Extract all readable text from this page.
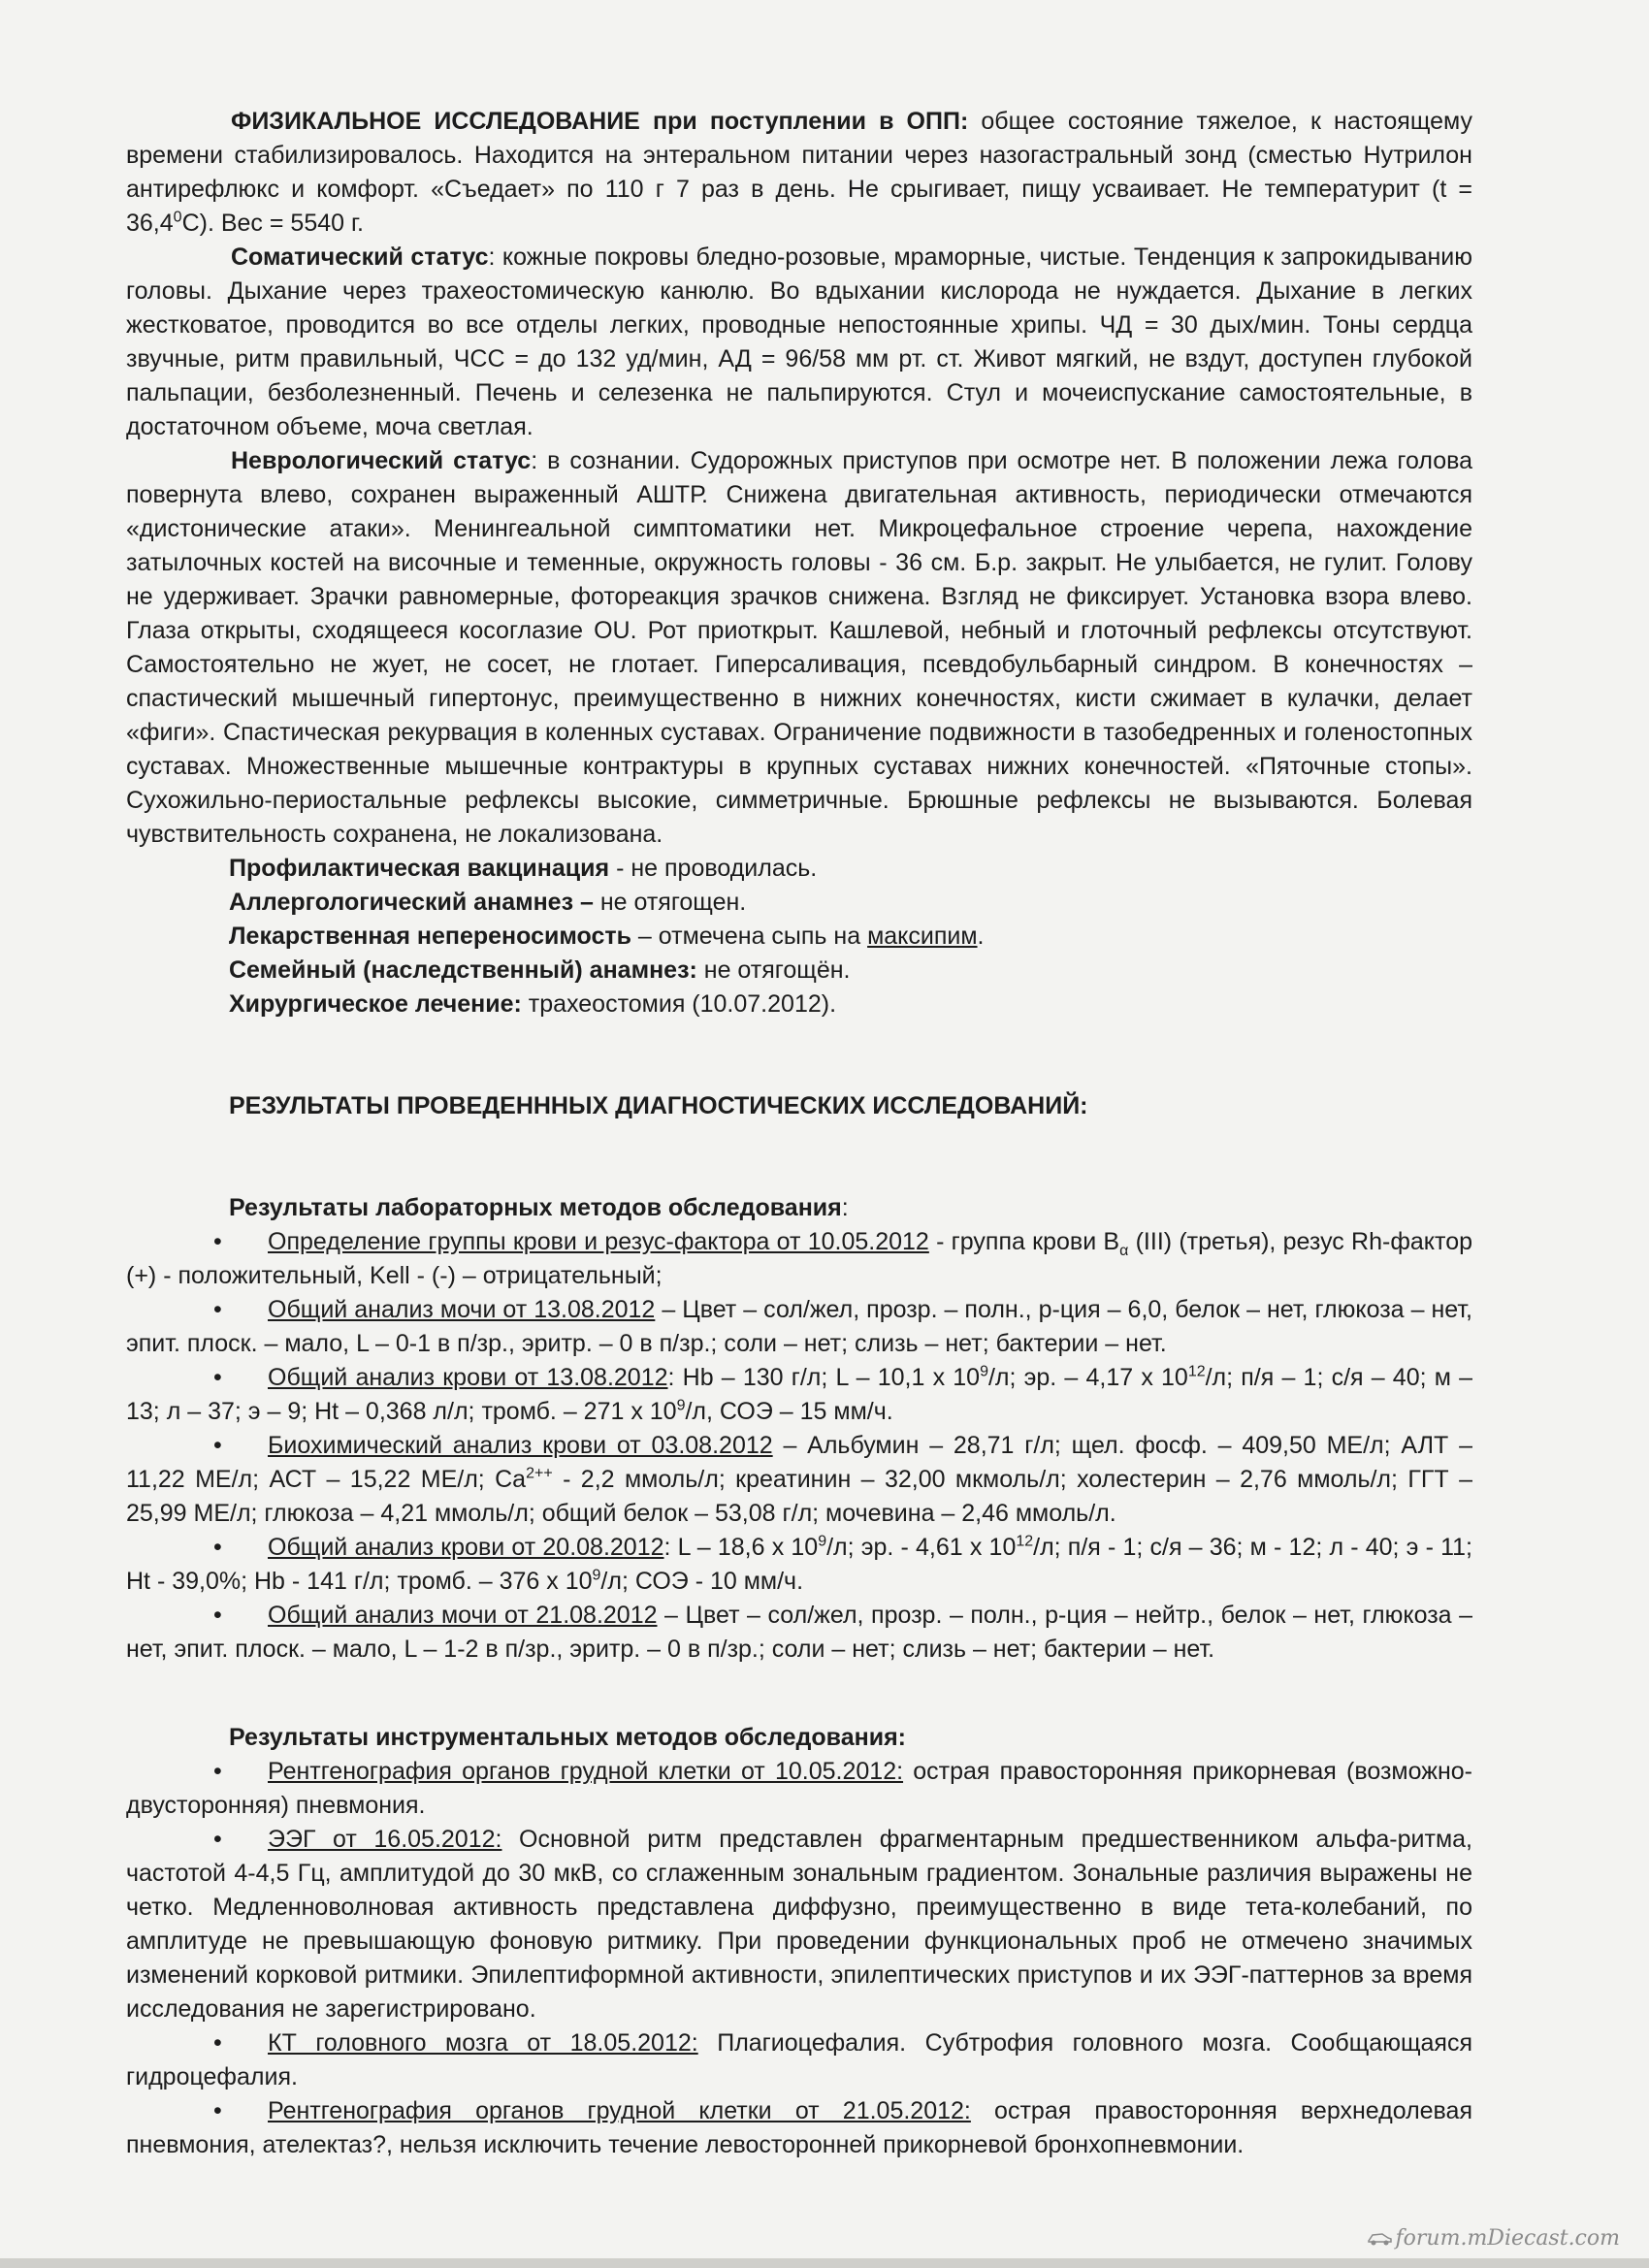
ФИЗИКАЛЬНОЕ ИССЛЕДОВАНИЕ при поступлении в ОПП: общее состояние тяжелое, к настоящему времени стабилизировалось. Находится на энтеральном питании через назогастральный зонд (сместью Нутрилон антирефлюкс и комфорт. «Съедает» по 110 г 7 раз в день. Не срыгивает, пищу усваивает. Не температурит $(t = 36,4^0С)$. Вес = 5540 г.

Соматический статус: кожные покровы бледно-розовые, мраморные, чистые. Тенденция к запрокидыванию головы. Дыхание через трахеостомическую канюлю. Во вдыхании кислорода не нуждается. Дыхание в легких жестковатое, проводится во все отделы легких, проводные непостоянные хрипы. ЧД = 30 дых/мин. Тоны сердца звучные, ритм правильный, ЧСС = до 132 уд/мин, АД = 96/58 мм рт. ст. Живот мягкий, не вздут, доступен глубокой пальпации, безболезненный. Печень и селезенка не пальпируются. Стул и мочеиспускание самостоятельные, в достаточном объеме, моча светлая.

Неврологический статус: в сознании. Судорожных приступов при осмотре нет. В положении лежа голова повернута влево, сохранен выраженный АШТР. Снижена двигательная активность, периодически отмечаются «дистонические атаки». Менингеальной симптоматики нет. Микроцефальное строение черепа, нахождение затылочных костей на височные и теменные, окружность головы - 36 см. Б.р. закрыт. Не улыбается, не гулит. Голову не удерживает. Зрачки равномерные, фотореакция зрачков снижена. Взгляд не фиксирует. Установка взора влево. Глаза открыты, сходящееся косоглазие OU. Рот приоткрыт. Кашлевой, небный и глоточный рефлексы отсутствуют. Самостоятельно не жует, не сосет, не глотает. Гиперсаливация, псевдобульбарный синдром. В конечностях – спастический мышечный гипертонус, преимущественно в нижних конечностях, кисти сжимает в кулачки, делает «фиги». Спастическая рекурвация в коленных суставах. Ограничение подвижности в тазобедренных и голеностопных суставах. Множественные мышечные контрактуры в крупных суставах нижних конечностей. «Пяточные стопы». Сухожильно-периостальные рефлексы высокие, симметричные. Брюшные рефлексы не вызываются. Болевая чувствительность сохранена, не локализована.

Профилактическая вакцинация - не проводилась.
Аллергологический анамнез – не отягощен.
Лекарственная непереносимость – отмечена сыпь на максипим.
Семейный (наследственный) анамнез: не отягощён.
Хирургическое лечение: трахеостомия (10.07.2012).
РЕЗУЛЬТАТЫ ПРОВЕДЕНННЫХ ДИАГНОСТИЧЕСКИХ ИССЛЕДОВАНИЙ:
Результаты лабораторных методов обследования:

• Определение группы крови и резус-фактора от 10.05.2012 - группа крови $В_\alpha$ (III) (третья), резус Rh-фактор (+) - положительный, Kell - (-) – отрицательный;

• Общий анализ мочи от 13.08.2012 – Цвет – сол/жел, прозр. – полн., р-ция – 6,0, белок – нет, глюкоза – нет, эпит. плоск. – мало, L – 0-1 в п/зр., эритр. – 0 в п/зр.; соли – нет; слизь – нет; бактерии – нет.

• Общий анализ крови от 13.08.2012: Hb – 130 г/л; L – 10,1 x $10^9/л$; эр. – 4,17 х $10^{12}/л$; п/я – 1; с/я – 40; м – 13; л – 37; э – 9; Ht – 0,368 л/л; тромб. – 271 х $10^9/л$, СОЭ – 15 мм/ч.

• Биохимический анализ крови от 03.08.2012 – Альбумин – 28,71 г/л; щел. фосф. – 409,50 МЕ/л; АЛТ – 11,22 МЕ/л; АСТ – 15,22 МЕ/л; $Ca^{2++} - 2,2$ ммоль/л; креатинин – 32,00 мкмоль/л; холестерин – 2,76 ммоль/л; ГГТ – 25,99 МЕ/л; глюкоза – 4,21 ммоль/л; общий белок – 53,08 г/л; мочевина – 2,46 ммоль/л.

• Общий анализ крови от 20.08.2012: L – 18,6 x $10^9/л$; эр. - 4,61 х $10^{12}/л$; п/я - 1; с/я – 36; м - 12; л - 40; э - 11; Ht - 39,0%; Hb - 141 г/л; тромб. – 376 х $10^9/л$; СОЭ - 10 мм/ч.

• Общий анализ мочи от 21.08.2012 – Цвет – сол/жел, прозр. – полн., р-ция – нейтр., белок – нет, глюкоза – нет, эпит. плоск. – мало, L – 1-2 в п/зр., эритр. – 0 в п/зр.; соли – нет; слизь – нет; бактерии – нет.

Результаты инструментальных методов обследования:

• Рентгенография органов грудной клетки от 10.05.2012: острая правосторонняя прикорневая (возможно-двусторонняя) пневмония.

• ЭЭГ от 16.05.2012: Основной ритм представлен фрагментарным предшественником альфа-ритма, частотой 4-4,5 Гц, амплитудой до 30 мкВ, со сглаженным зональным градиентом. Зональные различия выражены не четко. Медленноволновая активность представлена диффузно, преимущественно в виде тета-колебаний, по амплитуде не превышающую фоновую ритмику. При проведении функциональных проб не отмечено значимых изменений корковой ритмики. Эпилептиформной активности, эпилептических приступов и их ЭЭГ-паттернов за время исследования не зарегистрировано.

• КТ головного мозга от 18.05.2012: Плагиоцефалия. Субтрофия головного мозга. Сообщающаяся гидроцефалия.

• Рентгенография органов грудной клетки от 21.05.2012: острая правосторонняя верхнедолевая пневмония, ателектаз?, нельзя исключить течение левосторонней прикорневой бронхопневмонии.

forum.mDiecast.com
